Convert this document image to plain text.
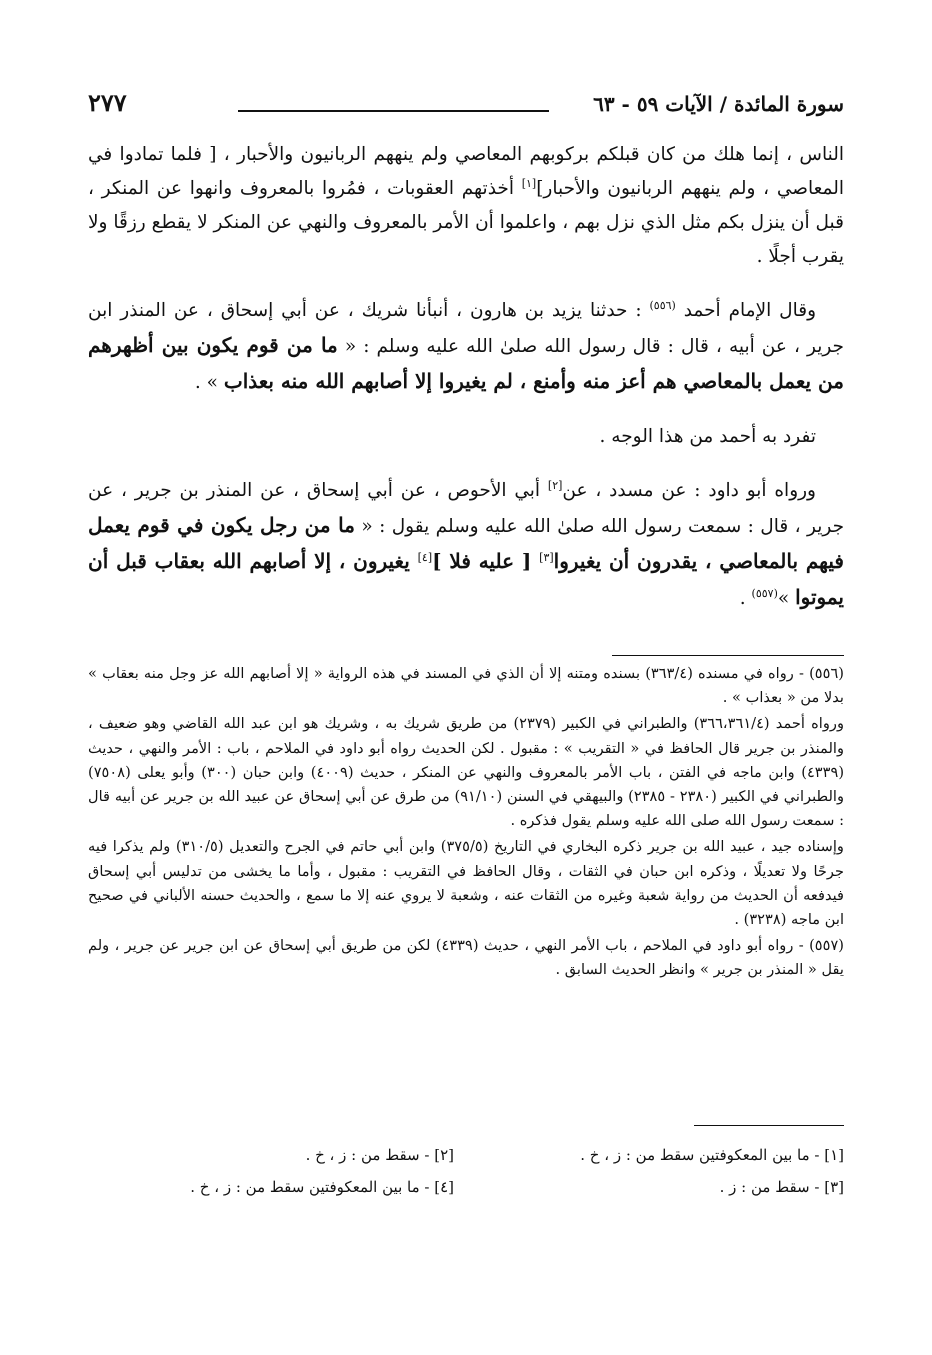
سورة المائدة / الآيات ٥٩ - ٦٣
٢٧٧

الناس ، إنما هلك من كان قبلكم بركوبهم المعاصي ولم ينههم الربانيون والأحبار ، [ فلما تمادوا في المعاصي ، ولم ينههم الربانيون والأحبار][١] أخذتهم العقوبات ، فمُروا بالمعروف وانهوا عن المنكر ، قبل أن ينزل بكم مثل الذي نزل بهم ، واعلموا أن الأمر بالمعروف والنهي عن المنكر لا يقطع رزقًا ولا يقرب أجلًا .

وقال الإمام أحمد $^{(٥٥٦)}$ : حدثنا يزيد بن هارون ، أنبأنا شريك ، عن أبي إسحاق ، عن المنذر ابن جرير ، عن أبيه ، قال : قال رسول الله صلىٰ الله عليه وسلم : « ما من قوم يكون بين أظهرهم من يعمل بالمعاصي هم أعز منه وأمنع ، لم يغيروا إلا أصابهم الله منه بعذاب » .

تفرد به أحمد من هذا الوجه .

ورواه أبو داود : عن مسدد ، عن[٢] أبي الأحوص ، عن أبي إسحاق ، عن المنذر بن جرير ، عن جرير ، قال : سمعت رسول الله صلىٰ الله عليه وسلم يقول : « ما من رجل يكون في قوم يعمل فيهم بالمعاصي ، يقدرون أن يغيروا[٣] [ عليه فلا ][٤] يغيرون ، إلا أصابهم الله بعقاب قبل أن يموتوا »$^{(٥٥٧)}$ .

(٥٥٦) - رواه في مسنده (٣٦٣/٤) بسنده ومتنه إلا أن الذي في المسند في هذه الرواية « إلا أصابهم الله عز وجل منه بعقاب » بدلا من « بعذاب » .

ورواه أحمد (٣٦٦،٣٦١/٤) والطبراني في الكبير (٢٣٧٩) من طريق شريك به ، وشريك هو ابن عبد الله القاضي وهو ضعيف ، والمنذر بن جرير قال الحافظ في « التقريب » : مقبول . لكن الحديث رواه أبو داود في الملاحم ، باب : الأمر والنهي ، حديث (٤٣٣٩) وابن ماجه في الفتن ، باب الأمر بالمعروف والنهي عن المنكر ، حديث (٤٠٠٩) وابن حبان (٣٠٠) وأبو يعلى (٧٥٠٨) والطبراني في الكبير (٢٣٨٠ - ٢٣٨٥) والبيهقي في السنن (٩١/١٠) من طرق عن أبي إسحاق عن عبيد الله بن جرير عن أبيه قال : سمعت رسول الله صلى الله عليه وسلم يقول فذكره .

وإسناده جيد ، عبيد الله بن جرير ذكره البخاري في التاريخ (٣٧٥/٥) وابن أبي حاتم في الجرح والتعديل (٣١٠/٥) ولم يذكرا فيه جرحًا ولا تعديلًا ، وذكره ابن حبان في الثقات ، وقال الحافظ في التقريب : مقبول ، وأما ما يخشى من تدليس أبي إسحاق فيدفعه أن الحديث من رواية شعبة وغيره من الثقات عنه ، وشعبة لا يروي عنه إلا ما سمع ، والحديث حسنه الألباني في صحيح ابن ماجه (٣٢٣٨) .

(٥٥٧) - رواه أبو داود في الملاحم ، باب الأمر النهي ، حديث (٤٣٣٩) لكن من طريق أبي إسحاق عن ابن جرير عن جرير ، ولم يقل « المنذر بن جرير » وانظر الحديث السابق .

[١] - ما بين المعكوفتين سقط من : ز ، خ .
[٢] - سقط من : ز ، خ .
[٣] - سقط من : ز .
[٤] - ما بين المعكوفتين سقط من : ز ، خ .
